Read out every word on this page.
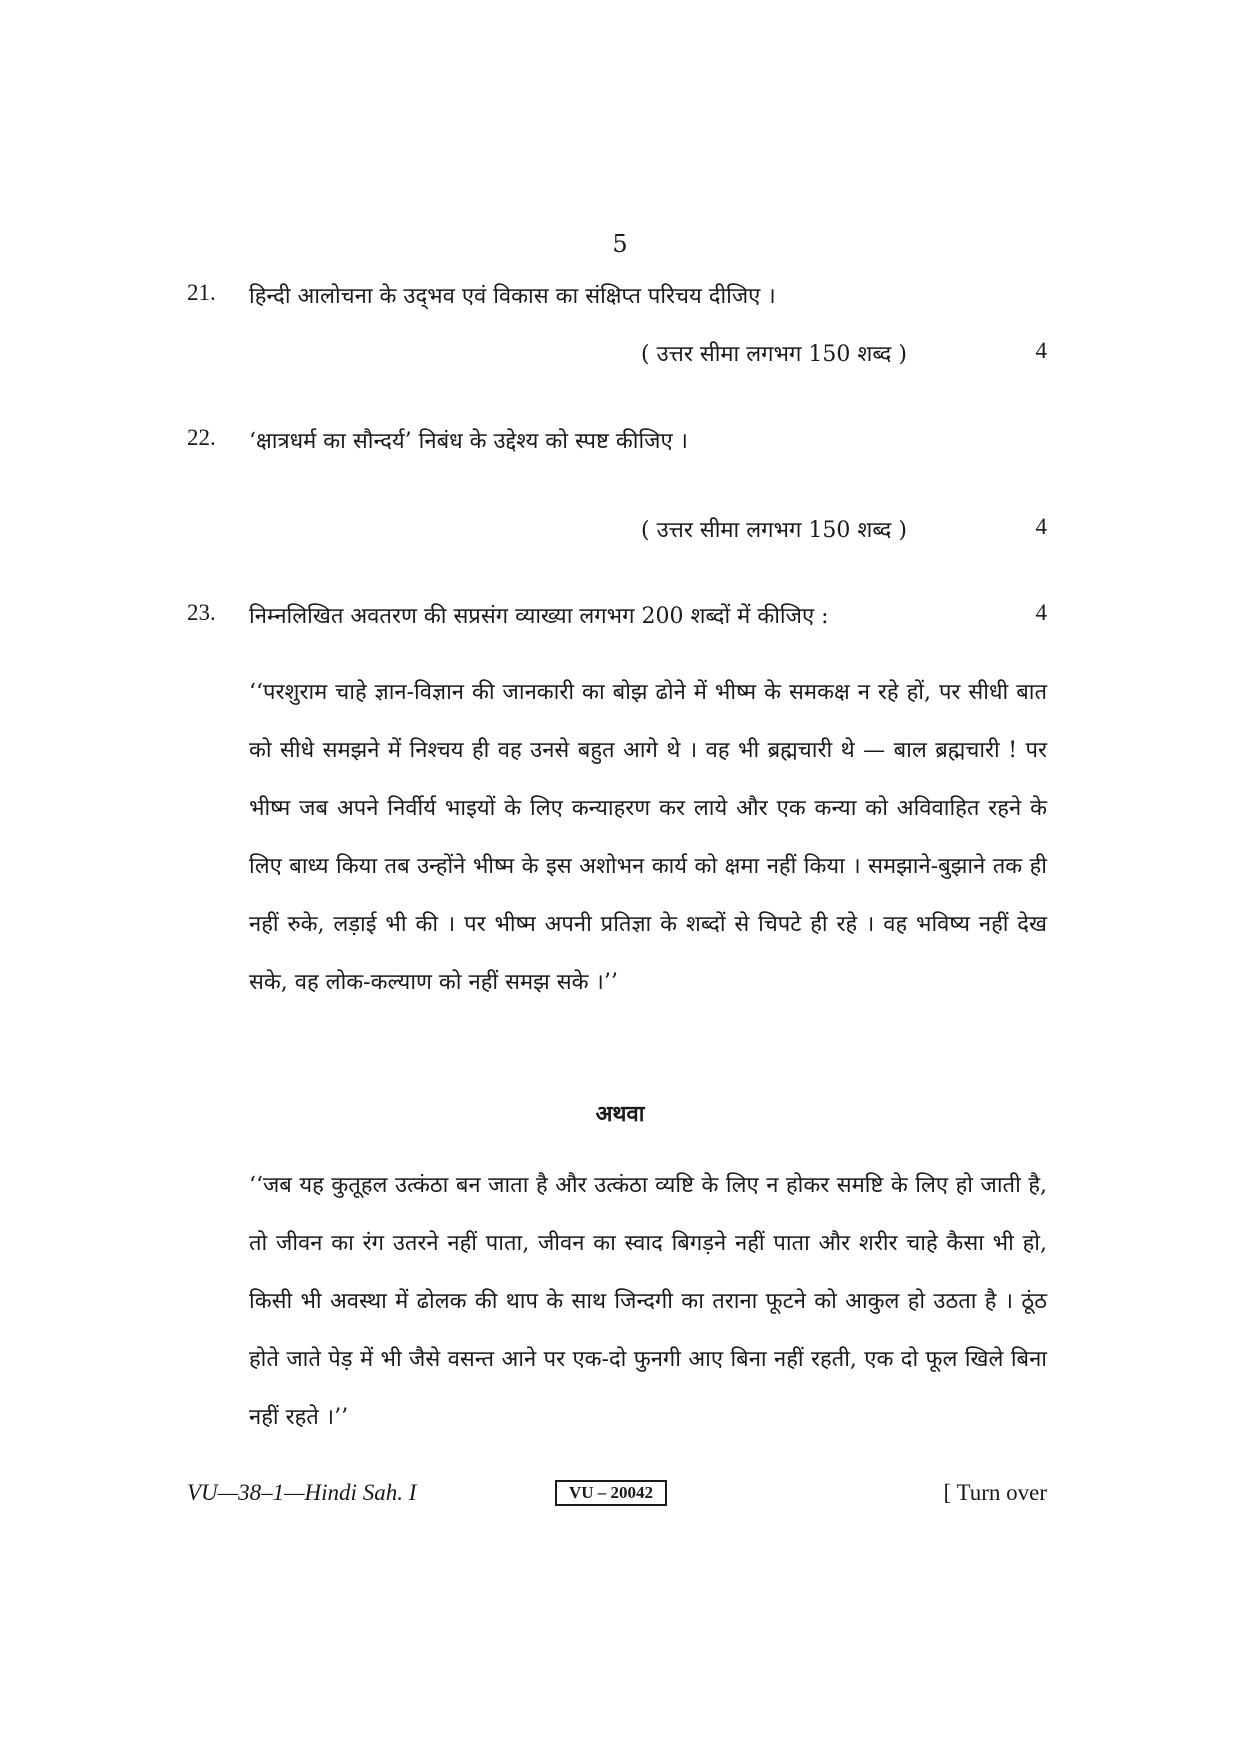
5
21. हिन्दी आलोचना के उद्‌भव एवं विकास का संक्षिप्त परिचय दीजिए ।
( उत्तर सीमा लगभग 150 शब्द )	4
22. ‘क्षात्रधर्म का सौन्दर्य’ निबंध के उद्देश्य को स्पष्ट कीजिए ।
( उत्तर सीमा लगभग 150 शब्द )	4
23. निम्नलिखित अवतरण की सप्रसंग व्याख्या लगभग 200 शब्दों में कीजिए :	4
‘‘परशुराम चाहे ज्ञान-विज्ञान की जानकारी का बोझ ढोने में भीष्म के समकक्ष न रहे हों, पर सीधी बात को सीधे समझने में निश्चय ही वह उनसे बहुत आगे थे । वह भी ब्रह्मचारी थे — बाल ब्रह्मचारी ! पर भीष्म जब अपने निर्वीर्य भाइयों के लिए कन्याहरण कर लाये और एक कन्या को अविवाहित रहने के लिए बाध्य किया तब उन्होंने भीष्म के इस अशोभन कार्य को क्षमा नहीं किया । समझाने-बुझाने तक ही नहीं रुके, लड़ाई भी की । पर भीष्म अपनी प्रतिज्ञा के शब्दों से चिपटे ही रहे । वह भविष्य नहीं देख सके, वह लोक-कल्याण को नहीं समझ सके ।’’
अथवा
‘‘जब यह कुतूहल उत्कंठा बन जाता है और उत्कंठा व्यष्टि के लिए न होकर समष्टि के लिए हो जाती है, तो जीवन का रंग उतरने नहीं पाता, जीवन का स्वाद बिगड़ने नहीं पाता और शरीर चाहे कैसा भी हो, किसी भी अवस्था में ढोलक की थाप के साथ जिन्दगी का तराना फूटने को आकुल हो उठता है । ठूंठ होते जाते पेड़ में भी जैसे वसन्त आने पर एक-दो फुनगी आए बिना नहीं रहती, एक दो फूल खिले बिना नहीं रहते ।’’
VU—38–1—Hindi Sah. I	VU – 20042	[ Turn over
